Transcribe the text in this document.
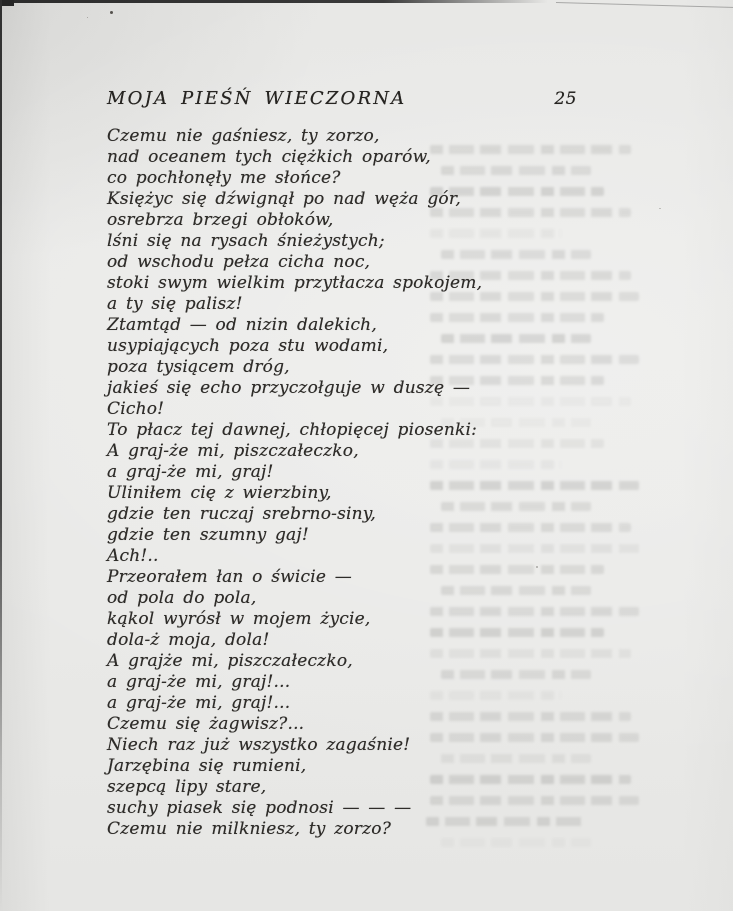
MOJA PIEŚŃ WIECZORNA	25
Czemu nie gaśniesz, ty zorzo,
nad oceanem tych ciężkich oparów,
co pochłonęły me słońce?
Księżyc się dźwignął po nad węża gór,
osrebrza brzegi obłoków,
lśni się na rysach śnieżystych;
od wschodu pełza cicha noc,
stoki swym wielkim przytłacza spokojem,
a ty się palisz!
Ztamtąd — od nizin dalekich,
usypiających poza stu wodami,
poza tysiącem dróg,
jakieś się echo przyczołguje w duszę —
Cicho!
To płacz tej dawnej, chłopięcej piosenki:
A graj-że mi, piszczałeczko,
a graj-że mi, graj!
Uliniłem cię z wierzbiny,
gdzie ten ruczaj srebrno-siny,
gdzie ten szumny gaj!
Ach!..
Przeorałem łan o świcie —
od pola do pola,
kąkol wyrósł w mojem życie,
dola-ż moja, dola!
A grajże mi, piszczałeczko,
a graj-że mi, graj!...
a graj-że mi, graj!...
Czemu się żagwisz?...
Niech raz już wszystko zagaśnie!
Jarzębina się rumieni,
szepcą lipy stare,
suchy piasek się podnosi — — —
Czemu nie milkniesz, ty zorzo?
